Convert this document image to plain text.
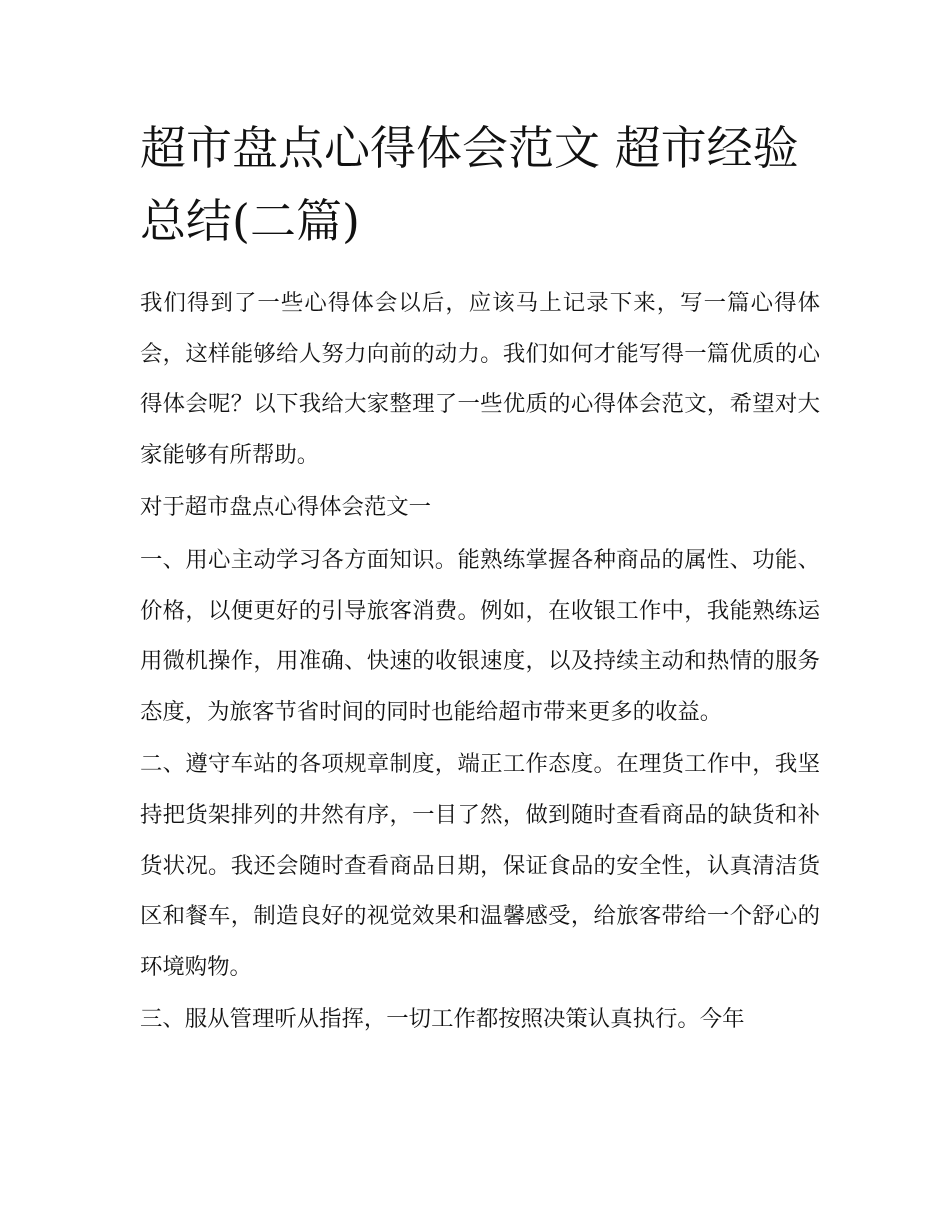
超市盘点心得体会范文 超市经验总结(二篇)

我们得到了一些心得体会以后，应该马上记录下来，写一篇心得体会，这样能够给人努力向前的动力。我们如何才能写得一篇优质的心得体会呢？以下我给大家整理了一些优质的心得体会范文，希望对大家能够有所帮助。

对于超市盘点心得体会范文一

一、用心主动学习各方面知识。能熟练掌握各种商品的属性、功能、价格，以便更好的引导旅客消费。例如，在收银工作中，我能熟练运用微机操作，用准确、快速的收银速度，以及持续主动和热情的服务态度，为旅客节省时间的同时也能给超市带来更多的收益。

二、遵守车站的各项规章制度，端正工作态度。在理货工作中，我坚持把货架排列的井然有序，一目了然，做到随时查看商品的缺货和补货状况。我还会随时查看商品日期，保证食品的安全性，认真清洁货区和餐车，制造良好的视觉效果和温馨感受，给旅客带给一个舒心的环境购物。

三、服从管理听从指挥，一切工作都按照决策认真执行。今年
